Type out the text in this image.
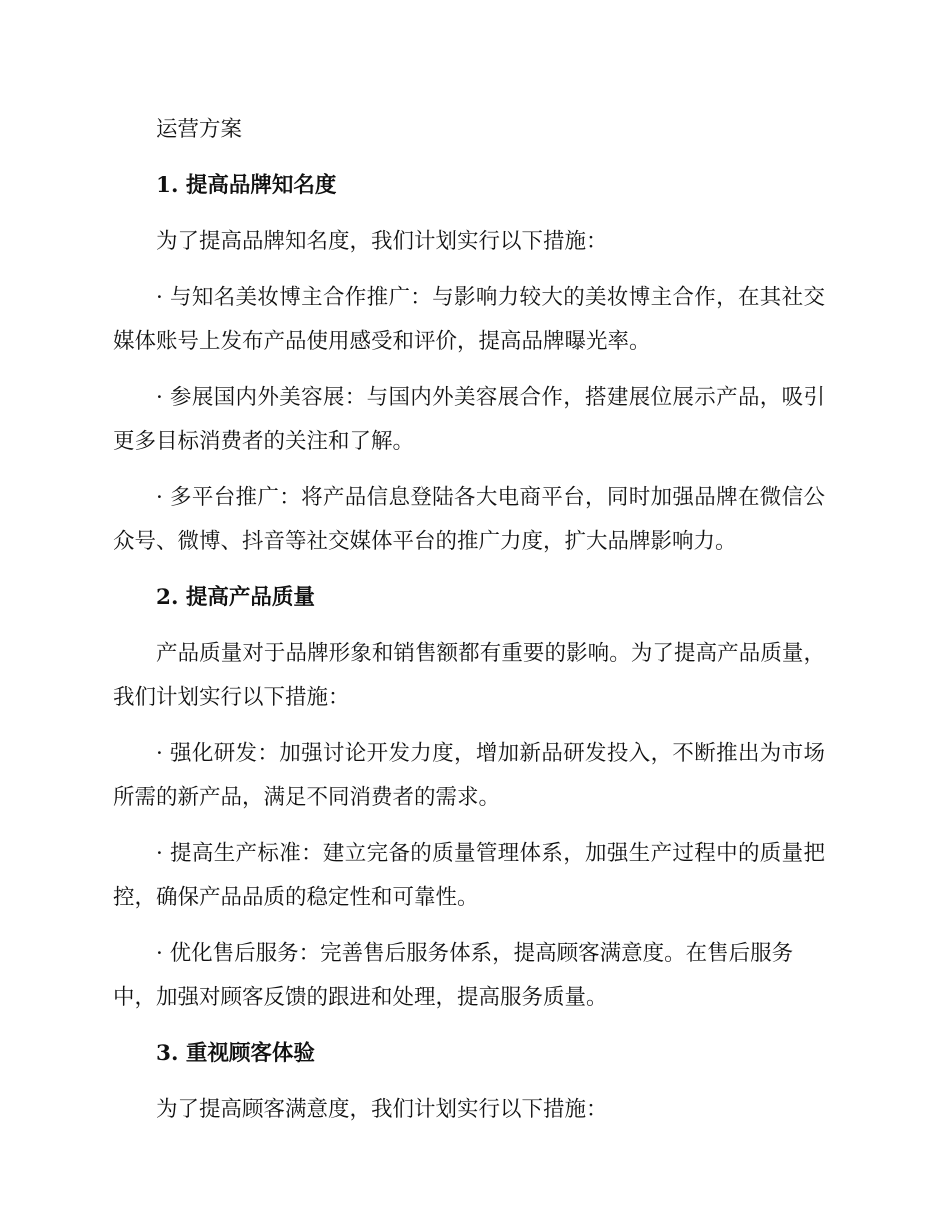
运营方案
1. 提高品牌知名度
为了提高品牌知名度，我们计划实行以下措施：
· 与知名美妆博主合作推广：与影响力较大的美妆博主合作，在其社交
媒体账号上发布产品使用感受和评价，提高品牌曝光率。
· 参展国内外美容展：与国内外美容展合作，搭建展位展示产品，吸引
更多目标消费者的关注和了解。
· 多平台推广：将产品信息登陆各大电商平台，同时加强品牌在微信公
众号、微博、抖音等社交媒体平台的推广力度，扩大品牌影响力。
2. 提高产品质量
产品质量对于品牌形象和销售额都有重要的影响。为了提高产品质量，
我们计划实行以下措施：
· 强化研发：加强讨论开发力度，增加新品研发投入，不断推出为市场
所需的新产品，满足不同消费者的需求。
· 提高生产标准：建立完备的质量管理体系，加强生产过程中的质量把
控，确保产品品质的稳定性和可靠性。
· 优化售后服务：完善售后服务体系，提高顾客满意度。在售后服务
中，加强对顾客反馈的跟进和处理，提高服务质量。
3. 重视顾客体验
为了提高顾客满意度，我们计划实行以下措施：
